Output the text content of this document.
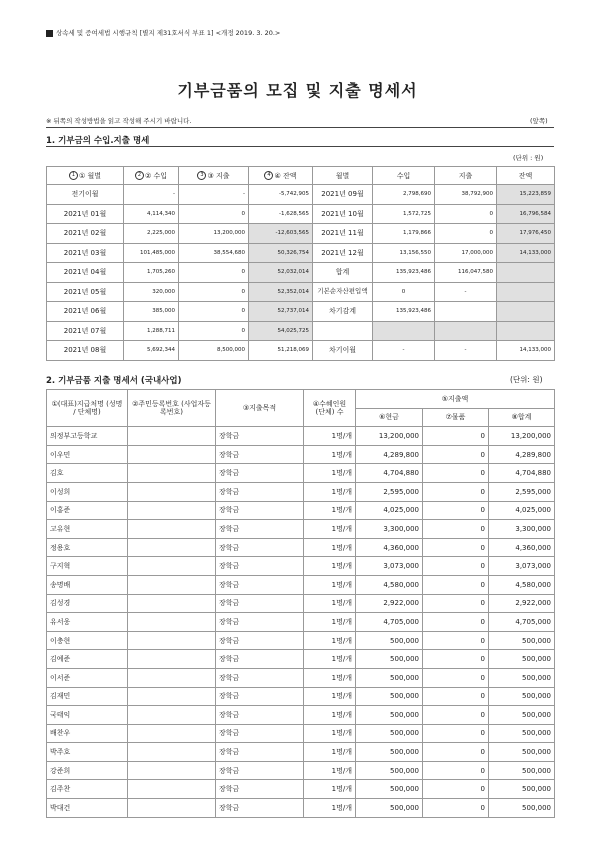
상속세 및 증여세법 시행규칙 [별지 제31호서식 부표 1] <개정 2019. 3. 20.>
기부금품의 모집 및 지출 명세서
※ 뒤쪽의 작성방법을 읽고 작성해 주시기 바랍니다.	(앞쪽)
1. 기부금의 수입.지출 명세
(단위 : 원)
1 ① 월별	2 ② 수입	3 ③ 지출	4 ④ 잔액	월별	수입	지출	잔액
전기이월	-	-	-5,742,905	2021년 09월	2,798,690	38,792,900	15,223,859
2021년 01월	4,114,340	0	-1,628,565	2021년 10월	1,572,725	0	16,796,584
2021년 02월	2,225,000	13,200,000	-12,603,565	2021년 11월	1,179,866	0	17,976,450
2021년 03월	101,485,000	38,554,680	50,326,754	2021년 12월	13,156,550	17,000,000	14,133,000
2021년 04월	1,705,260	0	52,032,014	합계	135,923,486	116,047,580	
2021년 05월	320,000	0	52,352,014	기본순자산편입액	0	-	
2021년 06월	385,000	0	52,737,014	차기감계	135,923,486		
2021년 07월	1,288,711	0	54,025,725				
2021년 08월	5,692,344	8,500,000	51,218,069	차기이월	-	-	14,133,000
2. 기부금품 지출 명세서 (국내사업)	(단위: 원)
①(대표)지급처명 (성명 / 단체명)	②주민등록번호 (사업자등록번호)	③지출목적	④수혜인원 (단체) 수	⑤지출액		
				⑥현금	⑦물품	⑧합계
의정부고등학교		장학금	1명/개	13,200,000	0	13,200,000
이우민		장학금	1명/개	4,289,800	0	4,289,800
김호		장학금	1명/개	4,704,880	0	4,704,880
이성희		장학금	1명/개	2,595,000	0	2,595,000
이홍준		장학금	1명/개	4,025,000	0	4,025,000
고유현		장학금	1명/개	3,300,000	0	3,300,000
정용호		장학금	1명/개	4,360,000	0	4,360,000
구지혁		장학금	1명/개	3,073,000	0	3,073,000
송명배		장학금	1명/개	4,580,000	0	4,580,000
김성경		장학금	1명/개	2,922,000	0	2,922,000
유서웅		장학금	1명/개	4,705,000	0	4,705,000
이충현		장학금	1명/개	500,000	0	500,000
김예준		장학금	1명/개	500,000	0	500,000
이서준		장학금	1명/개	500,000	0	500,000
김재민		장학금	1명/개	500,000	0	500,000
국태익		장학금	1명/개	500,000	0	500,000
배찬우		장학금	1명/개	500,000	0	500,000
박주호		장학금	1명/개	500,000	0	500,000
강준희		장학금	1명/개	500,000	0	500,000
김주찬		장학금	1명/개	500,000	0	500,000
박대건		장학금	1명/개	500,000	0	500,000
